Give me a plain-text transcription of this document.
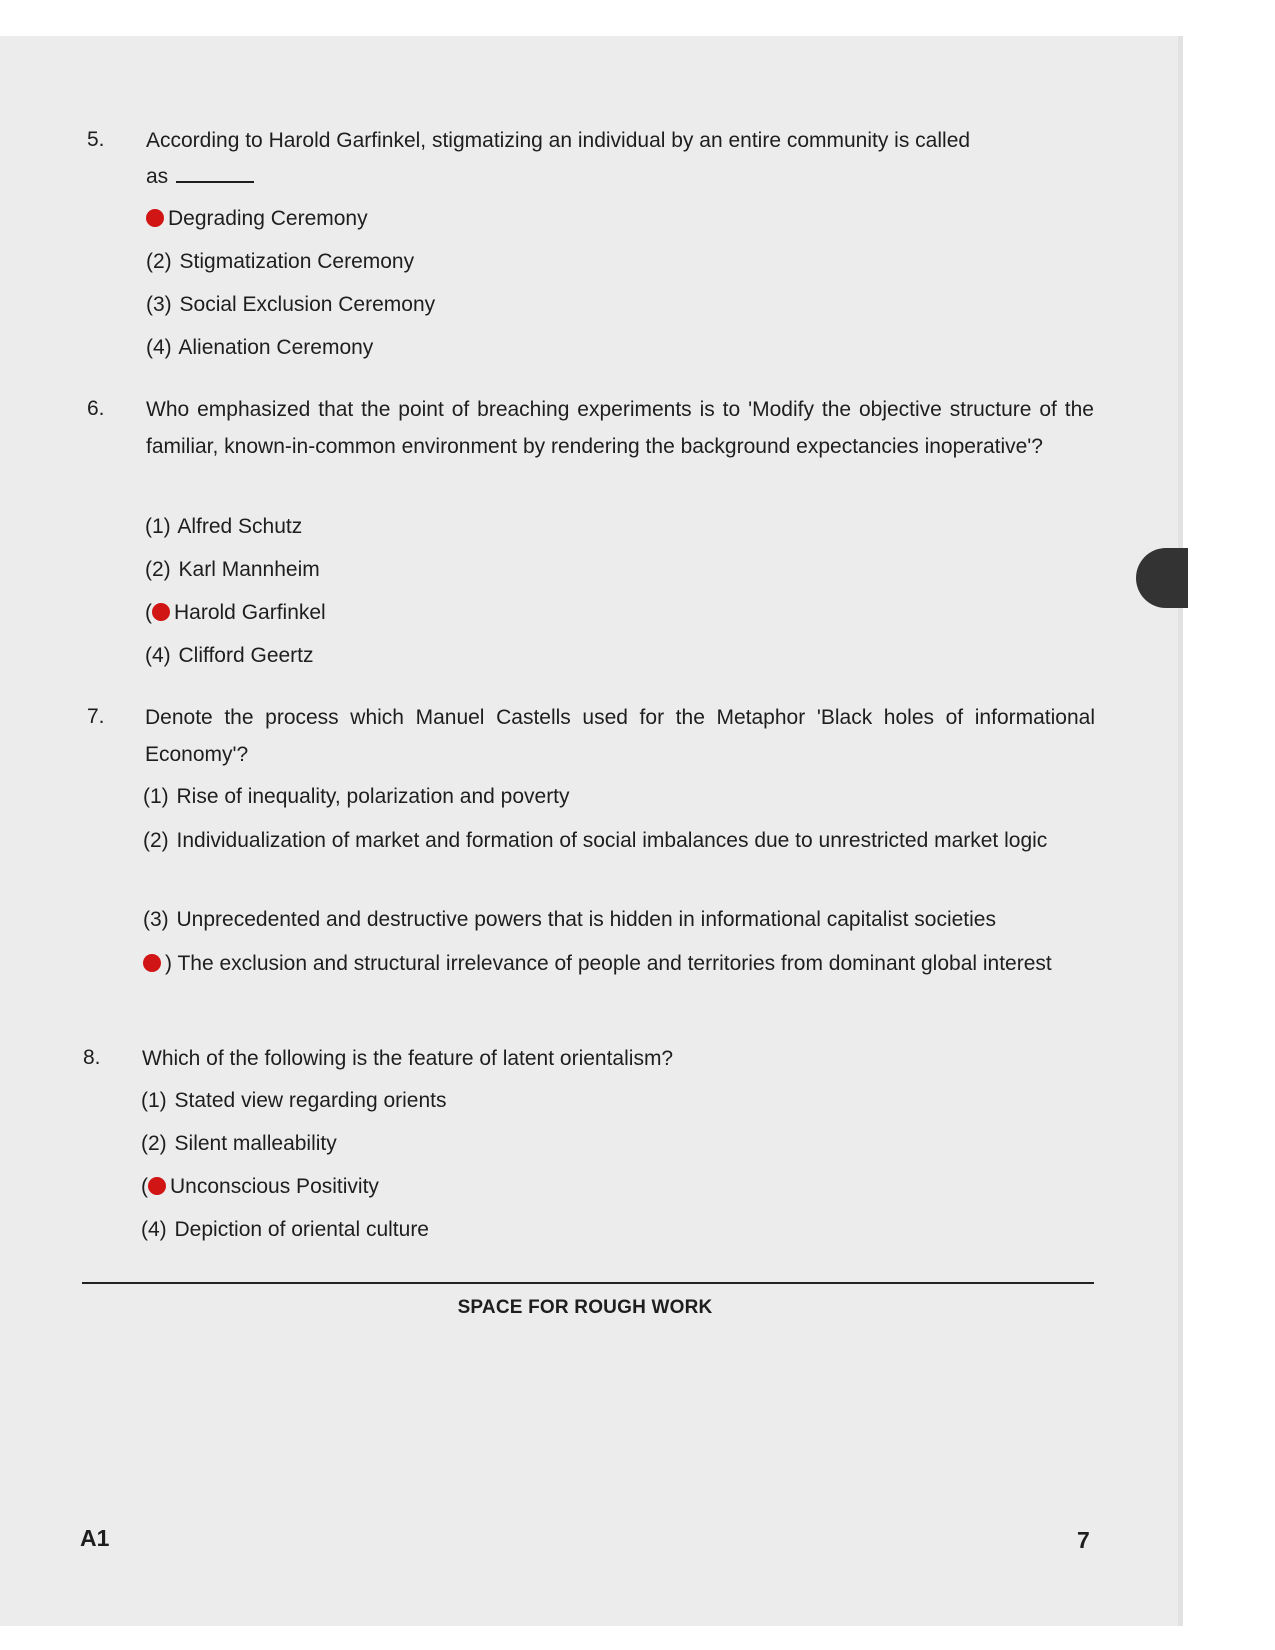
5. According to Harold Garfinkel, stigmatizing an individual by an entire community is called
as
Degrading Ceremony
(2) Stigmatization Ceremony
(3) Social Exclusion Ceremony
(4) Alienation Ceremony
6. Who emphasized that the point of breaching experiments is to 'Modify the objective structure of the familiar, known-in-common environment by rendering the background expectancies inoperative'?
(1) Alfred Schutz
(2) Karl Mannheim
( Harold Garfinkel
(4) Clifford Geertz
7. Denote the process which Manuel Castells used for the Metaphor 'Black holes of informational Economy'?
(1) Rise of inequality, polarization and poverty
(2) Individualization of market and formation of social imbalances due to unrestricted market logic
(3) Unprecedented and destructive powers that is hidden in informational capitalist societies
) The exclusion and structural irrelevance of people and territories from dominant global interest
8. Which of the following is the feature of latent orientalism?
(1) Stated view regarding orients
(2) Silent malleability
( Unconscious Positivity
(4) Depiction of oriental culture
SPACE FOR ROUGH WORK
A1	7
